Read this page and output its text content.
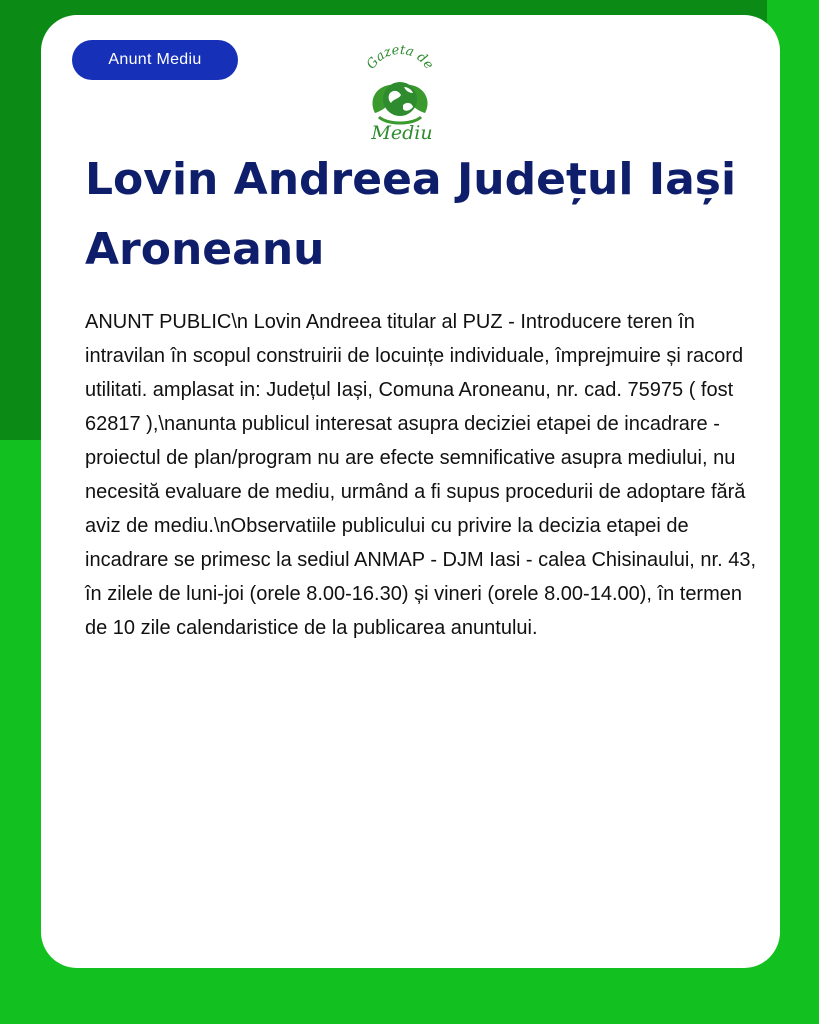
Anunt Mediu	Gazeta de
Mediu
Lovin Andreea Județul Iași Aroneanu

ANUNT PUBLIC\n Lovin Andreea titular al PUZ - Introducere teren în intravilan în scopul construirii de locuințe individuale, împrejmuire și racord utilitati. amplasat in: Județul Iași, Comuna Aroneanu, nr. cad. 75975 ( fost 62817 ),\nanunta publicul interesat asupra deciziei etapei de incadrare - proiectul de plan/program nu are efecte semnificative asupra mediului, nu necesită evaluare de mediu, urmând a fi supus procedurii de adoptare fără aviz de mediu.\nObservatiile publicului cu privire la decizia etapei de incadrare se primesc la sediul ANMAP - DJM Iasi - calea Chisinaului, nr. 43, în zilele de luni-joi (orele 8.00-16.30) și vineri (orele 8.00-14.00), în termen de 10 zile calendaristice de la publicarea anuntului.
